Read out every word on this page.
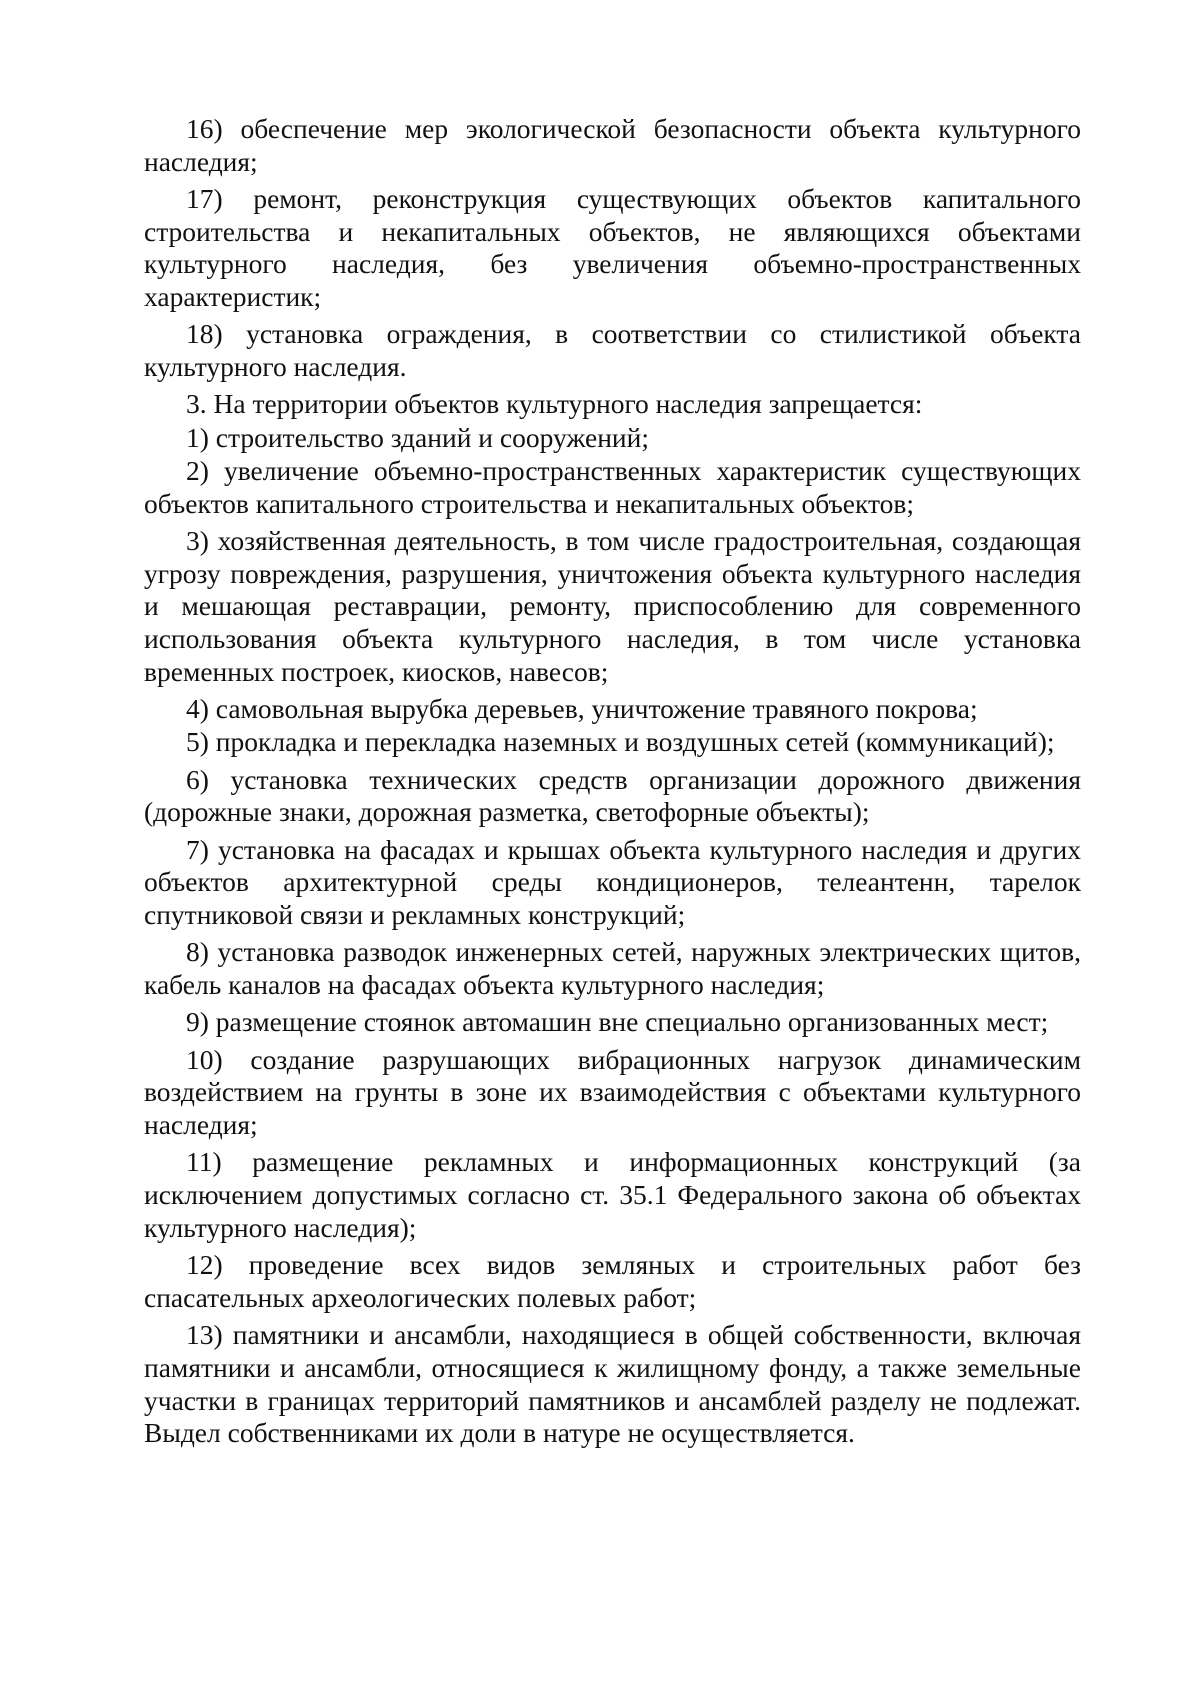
16) обеспечение мер экологической безопасности объекта культурного наследия;

17) ремонт, реконструкция существующих объектов капитального строительства и некапитальных объектов, не являющихся объектами культурного наследия, без увеличения объемно-пространственных характеристик;

18) установка ограждения, в соответствии со стилистикой объекта культурного наследия.

3. На территории объектов культурного наследия запрещается:

1) строительство зданий и сооружений;

2) увеличение объемно-пространственных характеристик существующих объектов капитального строительства и некапитальных объектов;

3) хозяйственная деятельность, в том числе градостроительная, создающая угрозу повреждения, разрушения, уничтожения объекта культурного наследия и мешающая реставрации, ремонту, приспособлению для современного использования объекта культурного наследия, в том числе установка временных построек, киосков, навесов;

4) самовольная вырубка деревьев, уничтожение травяного покрова;

5) прокладка и перекладка наземных и воздушных сетей (коммуникаций);

6) установка технических средств организации дорожного движения (дорожные знаки, дорожная разметка, светофорные объекты);

7) установка на фасадах и крышах объекта культурного наследия и других объектов архитектурной среды кондиционеров, телеантенн, тарелок спутниковой связи и рекламных конструкций;

8) установка разводок инженерных сетей, наружных электрических щитов, кабель каналов на фасадах объекта культурного наследия;

9) размещение стоянок автомашин вне специально организованных мест;

10) создание разрушающих вибрационных нагрузок динамическим воздействием на грунты в зоне их взаимодействия с объектами культурного наследия;

11) размещение рекламных и информационных конструкций (за исключением допустимых согласно ст. 35.1 Федерального закона об объектах культурного наследия);

12) проведение всех видов земляных и строительных работ без спасательных археологических полевых работ;

13) памятники и ансамбли, находящиеся в общей собственности, включая памятники и ансамбли, относящиеся к жилищному фонду, а также земельные участки в границах территорий памятников и ансамблей разделу не подлежат. Выдел собственниками их доли в натуре не осуществляется.
